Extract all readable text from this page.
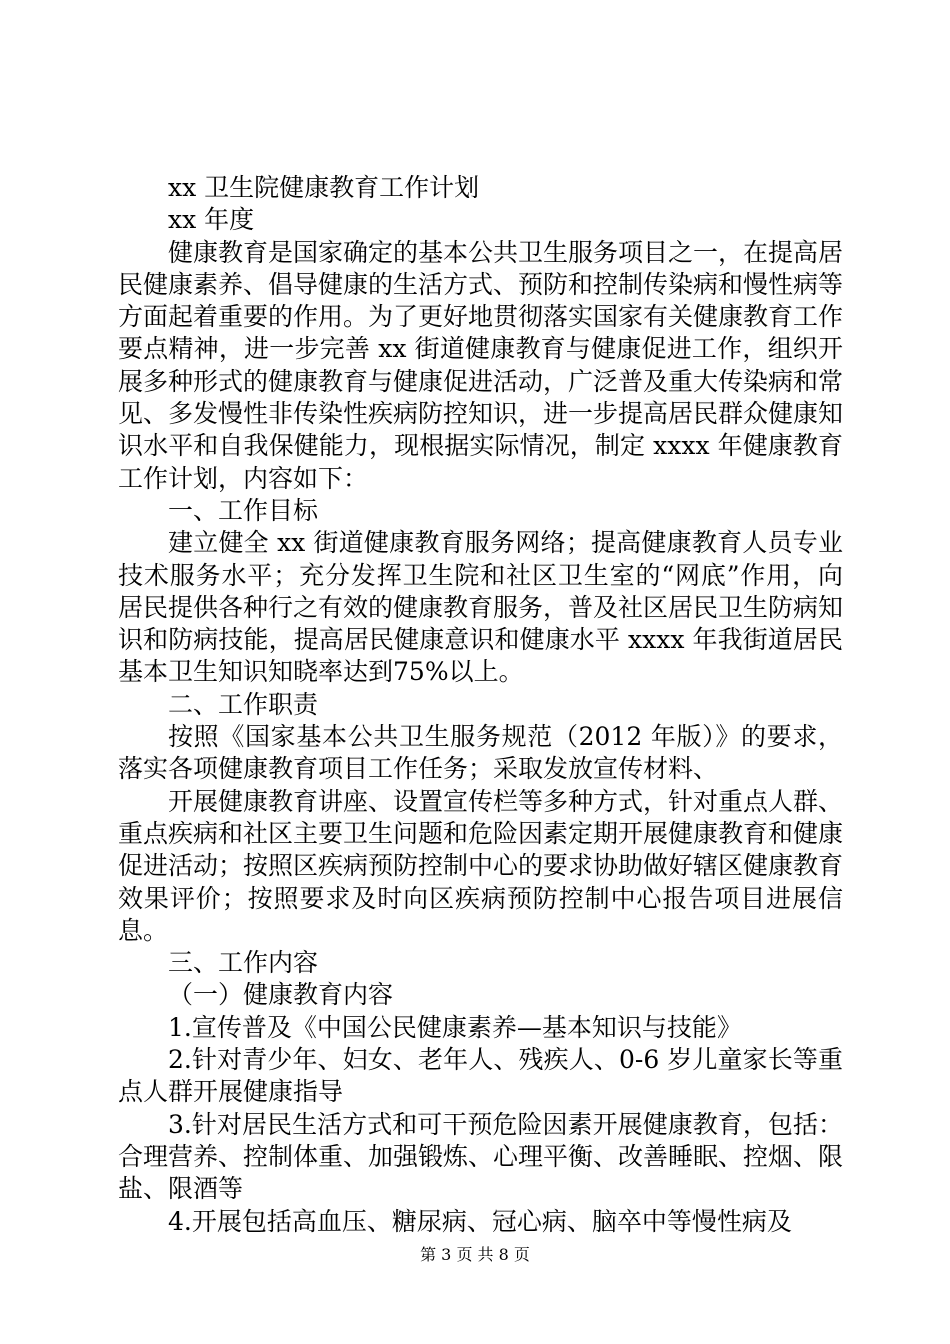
xx 卫生院健康教育工作计划

xx 年度

健康教育是国家确定的基本公共卫生服务项目之一，在提高居民健康素养、倡导健康的生活方式、预防和控制传染病和慢性病等方面起着重要的作用。为了更好地贯彻落实国家有关健康教育工作要点精神，进一步完善 xx 街道健康教育与健康促进工作，组织开展多种形式的健康教育与健康促进活动，广泛普及重大传染病和常见、多发慢性非传染性疾病防控知识，进一步提高居民群众健康知识水平和自我保健能力，现根据实际情况，制定 xxxx 年健康教育工作计划，内容如下：

一、工作目标

建立健全 xx 街道健康教育服务网络；提高健康教育人员专业技术服务水平；充分发挥卫生院和社区卫生室的“网底”作用，向居民提供各种行之有效的健康教育服务，普及社区居民卫生防病知识和防病技能，提高居民健康意识和健康水平 xxxx 年我街道居民基本卫生知识知晓率达到75%以上。

二、工作职责

按照《国家基本公共卫生服务规范（2012 年版）》的要求，落实各项健康教育项目工作任务；采取发放宣传材料、

开展健康教育讲座、设置宣传栏等多种方式，针对重点人群、重点疾病和社区主要卫生问题和危险因素定期开展健康教育和健康促进活动；按照区疾病预防控制中心的要求协助做好辖区健康教育效果评价；按照要求及时向区疾病预防控制中心报告项目进展信息。

三、工作内容

（一）健康教育内容

1.宣传普及《中国公民健康素养—基本知识与技能》

2.针对青少年、妇女、老年人、残疾人、0-6 岁儿童家长等重点人群开展健康指导

3.针对居民生活方式和可干预危险因素开展健康教育，包括：合理营养、控制体重、加强锻炼、心理平衡、改善睡眠、控烟、限盐、限酒等

4.开展包括高血压、糖尿病、冠心病、脑卒中等慢性病及

第 3 页 共 8 页
